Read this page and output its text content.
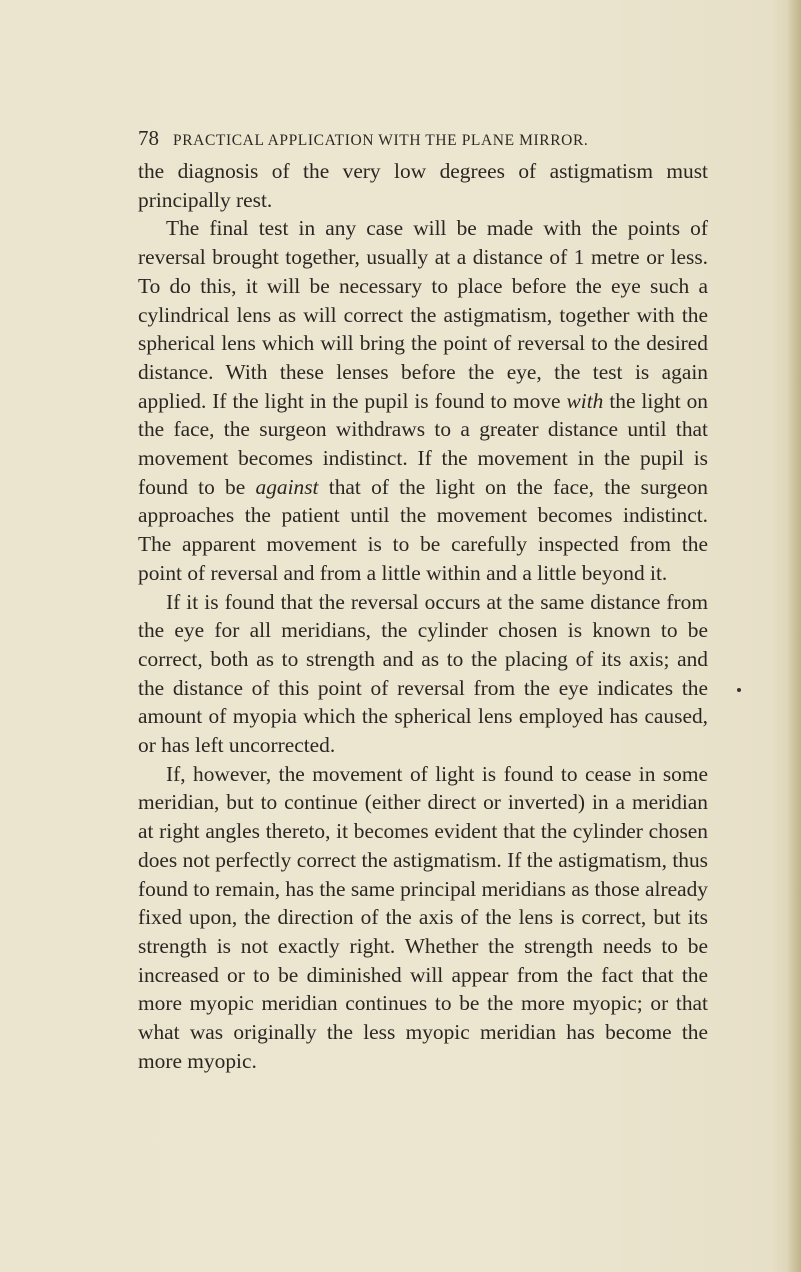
78 PRACTICAL APPLICATION WITH THE PLANE MIRROR.

the diagnosis of the very low degrees of astigmatism must principally rest.

The final test in any case will be made with the points of reversal brought together, usually at a distance of 1 metre or less. To do this, it will be necessary to place before the eye such a cylindrical lens as will correct the astigmatism, together with the spherical lens which will bring the point of reversal to the desired distance. With these lenses before the eye, the test is again applied. If the light in the pupil is found to move with the light on the face, the surgeon withdraws to a greater distance until that movement becomes indistinct. If the movement in the pupil is found to be against that of the light on the face, the surgeon approaches the patient until the movement becomes indistinct. The apparent movement is to be carefully inspected from the point of reversal and from a little within and a little beyond it.

If it is found that the reversal occurs at the same distance from the eye for all meridians, the cylinder chosen is known to be correct, both as to strength and as to the placing of its axis; and the distance of this point of reversal from the eye indicates the amount of myopia which the spherical lens employed has caused, or has left uncorrected.

If, however, the movement of light is found to cease in some meridian, but to continue (either direct or inverted) in a meridian at right angles thereto, it becomes evident that the cylinder chosen does not perfectly correct the astigmatism. If the astigmatism, thus found to remain, has the same principal meridians as those already fixed upon, the direction of the axis of the lens is correct, but its strength is not exactly right. Whether the strength needs to be increased or to be diminished will appear from the fact that the more myopic meridian continues to be the more myopic; or that what was originally the less myopic meridian has become the more myopic.
